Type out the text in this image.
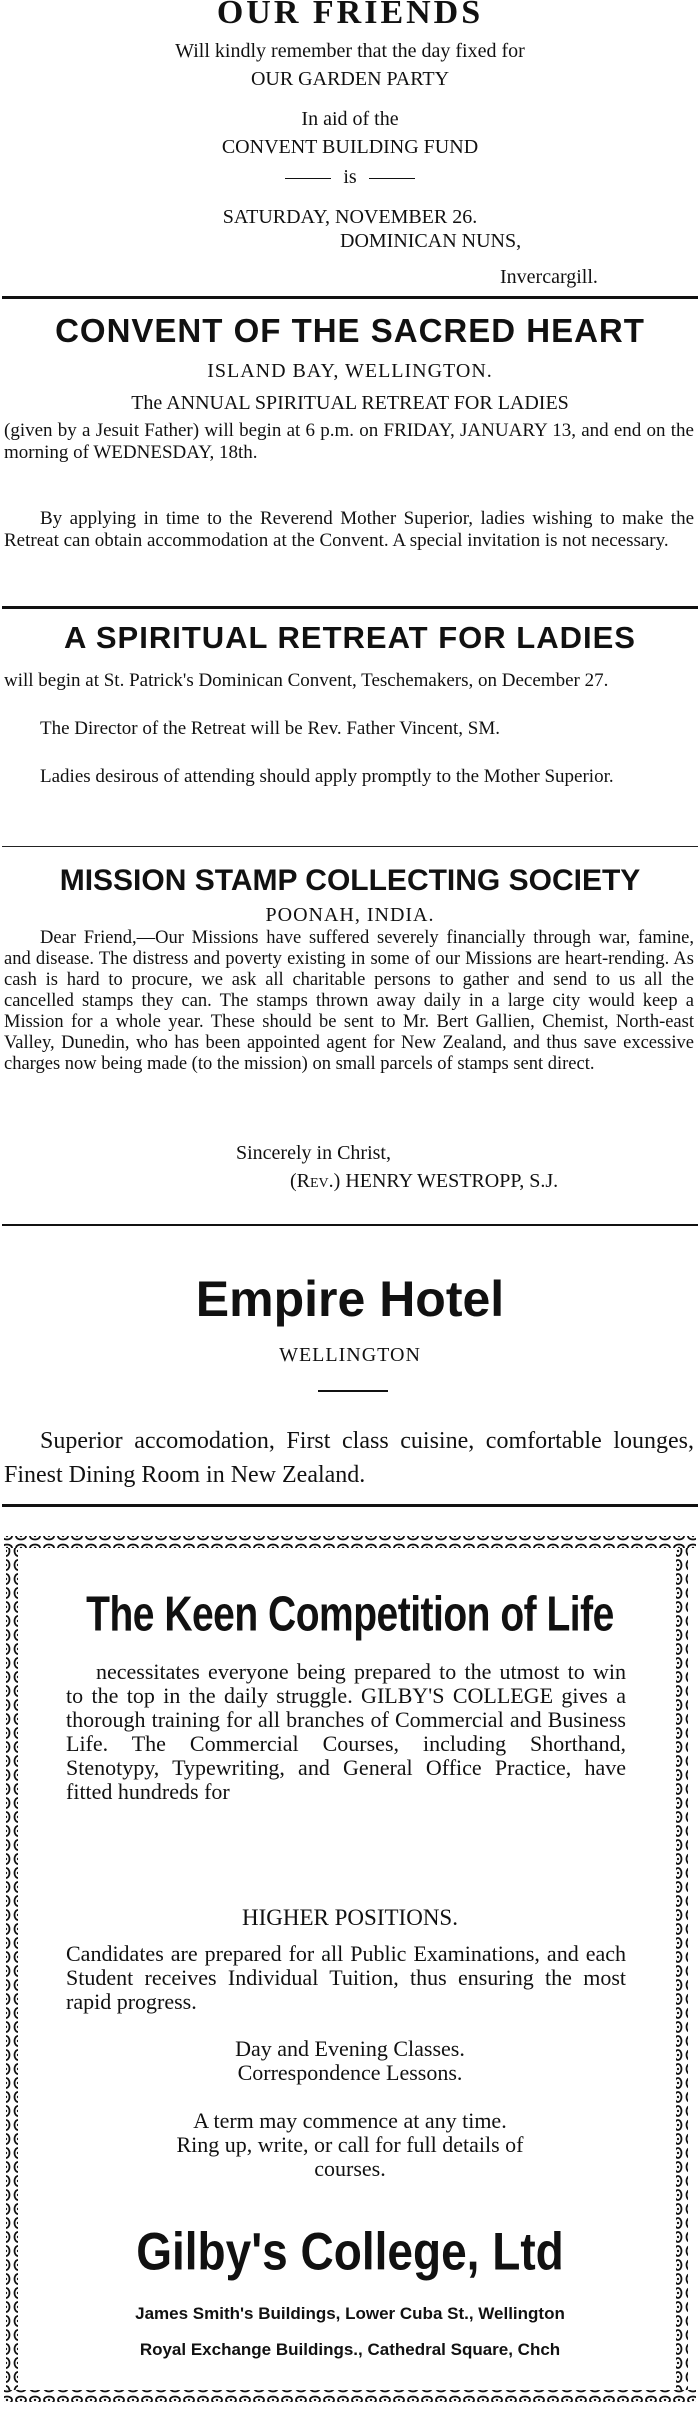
OUR FRIENDS
Will kindly remember that the day fixed for
OUR GARDEN PARTY
In aid of the
CONVENT BUILDING FUND
is
SATURDAY, NOVEMBER 26.
DOMINICAN NUNS,
Invercargill.
CONVENT OF THE SACRED HEART
ISLAND BAY, WELLINGTON.
The ANNUAL SPIRITUAL RETREAT FOR LADIES
(given by a Jesuit Father) will begin at 6 p.m. on FRIDAY, JANUARY 13, and end on the morning of WEDNESDAY, 18th.
By applying in time to the Reverend Mother Superior, ladies wishing to make the Retreat can obtain accommodation at the Convent. A special invitation is not necessary.
A SPIRITUAL RETREAT FOR LADIES
will begin at St. Patrick's Dominican Convent, Teschemakers, on December 27.
The Director of the Retreat will be Rev. Father Vincent, SM.
Ladies desirous of attending should apply promptly to the Mother Superior.
MISSION STAMP COLLECTING SOCIETY
POONAH, INDIA.
Dear Friend,—Our Missions have suffered severely financially through war, famine, and disease. The distress and poverty existing in some of our Missions are heart-rending. As cash is hard to procure, we ask all charitable persons to gather and send to us all the cancelled stamps they can. The stamps thrown away daily in a large city would keep a Mission for a whole year. These should be sent to Mr. Bert Gallien, Chemist, North-east Valley, Dunedin, who has been appointed agent for New Zealand, and thus save excessive charges now being made (to the mission) on small parcels of stamps sent direct.
Sincerely in Christ,
(Rev.) HENRY WESTROPP, S.J.
Empire Hotel
WELLINGTON
Superior accomodation, First class cuisine, comfortable lounges, Finest Dining Room in New Zealand.
The Keen Competition of Life
necessitates everyone being prepared to the utmost to win to the top in the daily struggle. GILBY'S COLLEGE gives a thorough training for all branches of Commercial and Business Life. The Commercial Courses, including Shorthand, Stenotypy, Typewriting, and General Office Practice, have fitted hundreds for
HIGHER POSITIONS.
Candidates are prepared for all Public Examinations, and each Student receives Individual Tuition, thus ensuring the most rapid progress.
Day and Evening Classes.
Correspondence Lessons.
A term may commence at any time.
Ring up, write, or call for full details of
courses.
Gilby's College, Ltd
James Smith's Buildings, Lower Cuba St., Wellington
Royal Exchange Buildings., Cathedral Square, Chch
